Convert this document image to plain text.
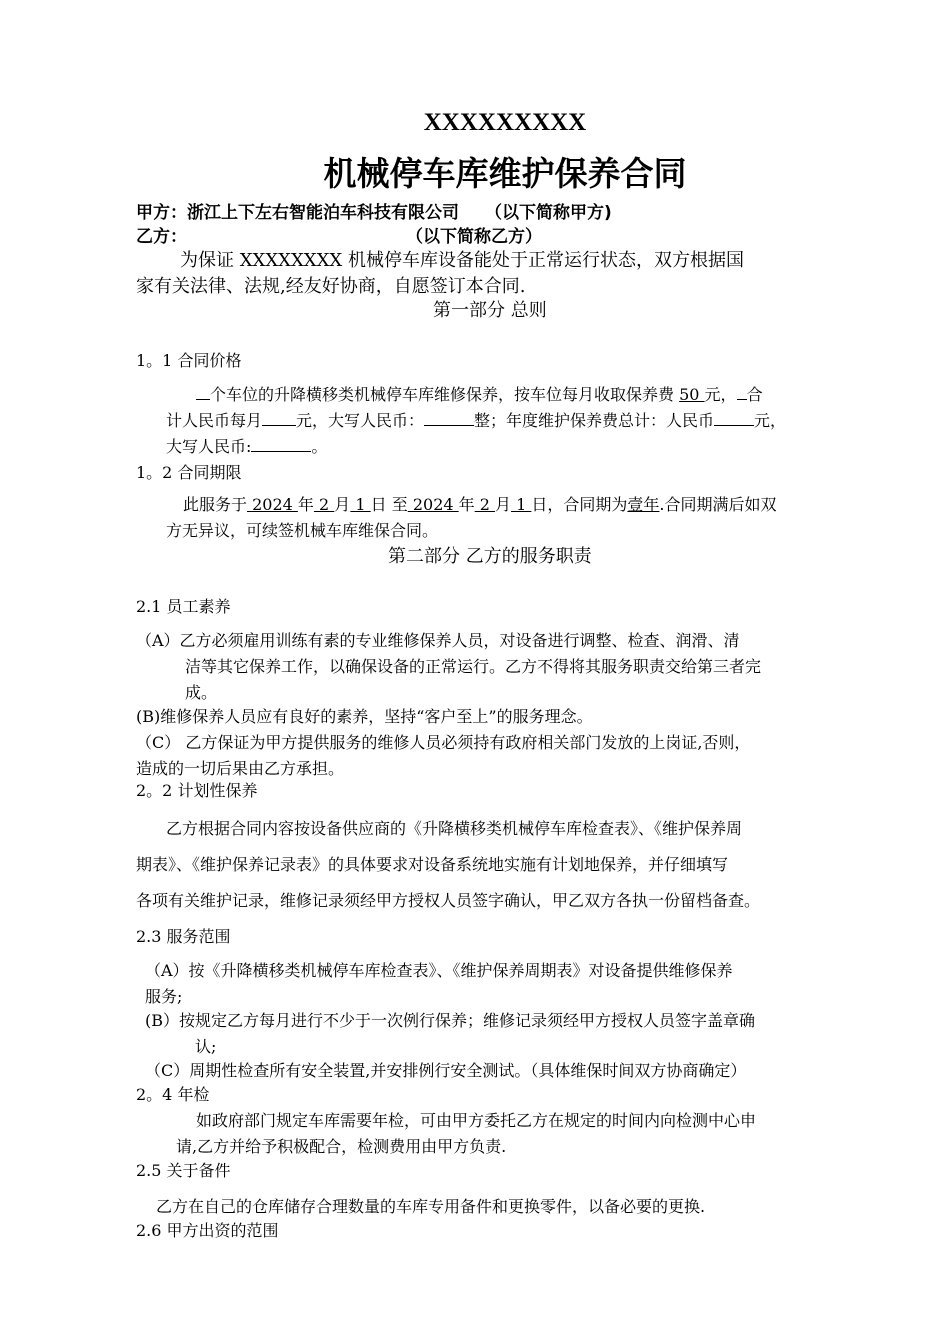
XXXXXXXXX
机械停车库维护保养合同
甲方：浙江上下左右智能泊车科技有限公司 （以下简称甲方)
乙方：	（以下简称乙方）
为保证 XXXXXXXX 机械停车库设备能处于正常运行状态，双方根据国
家有关法律、法规,经友好协商，自愿签订本合同.
第一部分 总则
1。1 合同价格
个车位的升降横移类机械停车库维修保养，按车位每月收取保养费 50 元， 合
计人民币每月 元，大写人民币：	整；年度维护保养费总计：人民币	元，
大写人民币:	。
1。2 合同期限
此服务于 2024 年 2 月 1 日 至 2024 年 2 月 1 日，合同期为壹年.合同期满后如双
方无异议，可续签机械车库维保合同。
第二部分 乙方的服务职责
2.1 员工素养
（A）乙方必须雇用训练有素的专业维修保养人员，对设备进行调整、检查、润滑、清
洁等其它保养工作，以确保设备的正常运行。乙方不得将其服务职责交给第三者完
成。
(B)维修保养人员应有良好的素养，坚持“客户至上”的服务理念。
（C） 乙方保证为甲方提供服务的维修人员必须持有政府相关部门发放的上岗证,否则，
造成的一切后果由乙方承担。
2。2 计划性保养
乙方根据合同内容按设备供应商的《升降横移类机械停车库检查表》、《维护保养周
期表》、《维护保养记录表》的具体要求对设备系统地实施有计划地保养，并仔细填写
各项有关维护记录，维修记录须经甲方授权人员签字确认，甲乙双方各执一份留档备查。
2.3 服务范围
（A）按《升降横移类机械停车库检查表》、《维护保养周期表》对设备提供维修保养
服务;
(B）按规定乙方每月进行不少于一次例行保养；维修记录须经甲方授权人员签字盖章确
认;
（C）周期性检查所有安全装置,并安排例行安全测试。（具体维保时间双方协商确定）
2。4 年检
如政府部门规定车库需要年检，可由甲方委托乙方在规定的时间内向检测中心申
请,乙方并给予积极配合，检测费用由甲方负责.
2.5 关于备件
乙方在自己的仓库储存合理数量的车库专用备件和更换零件，以备必要的更换.
2.6 甲方出资的范围
